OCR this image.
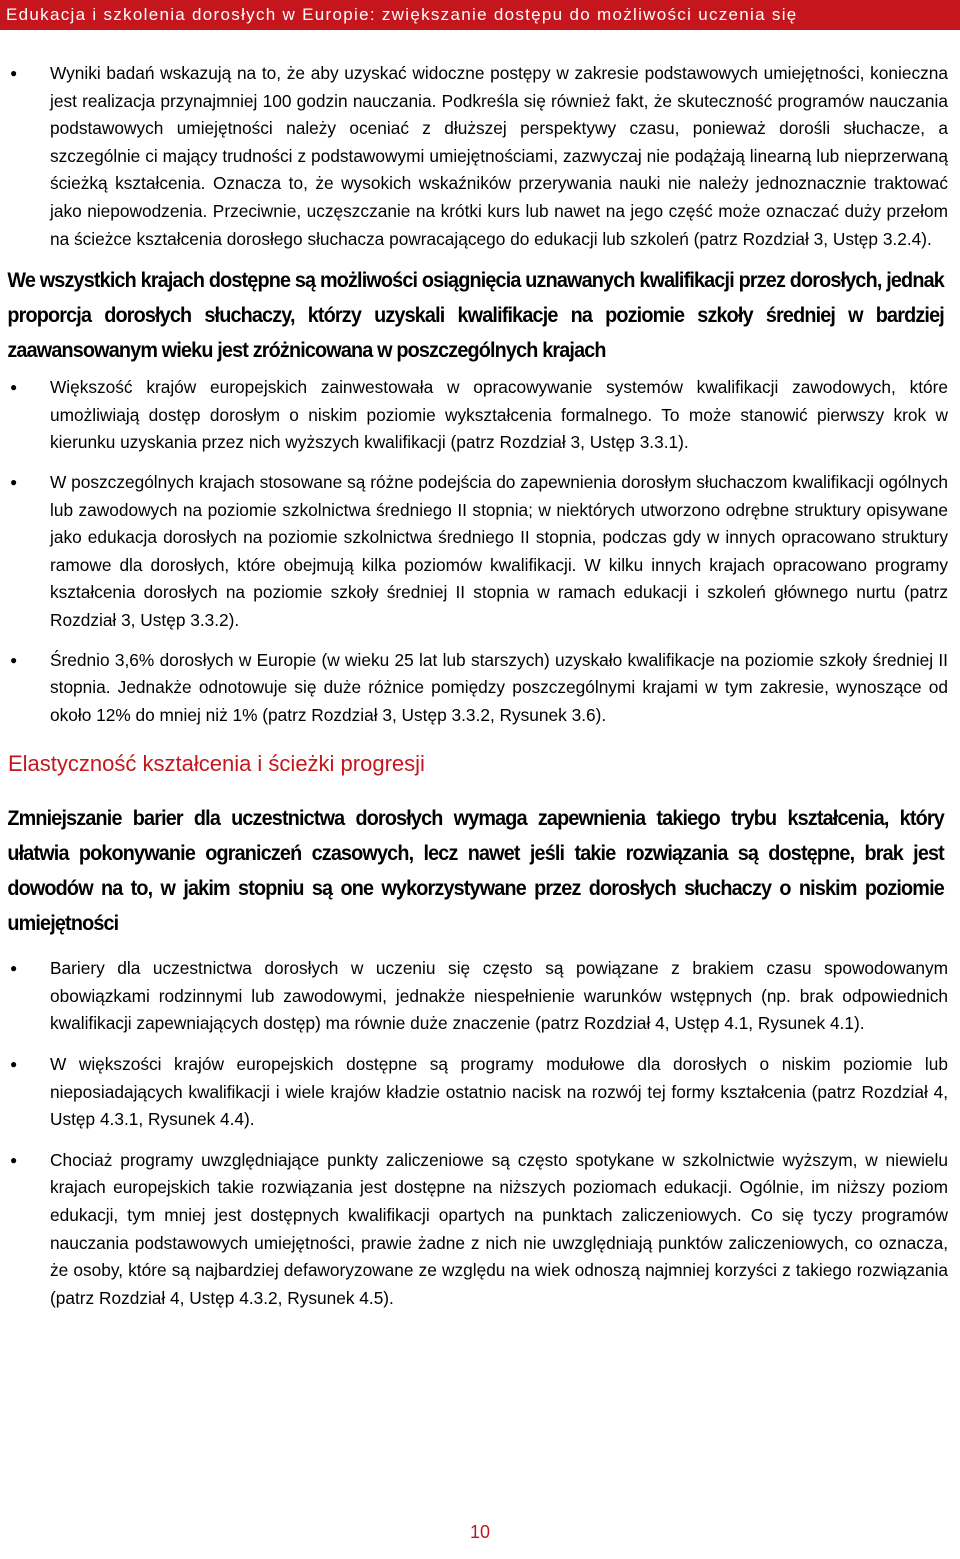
Edukacja i szkolenia dorosłych w Europie: zwiększanie dostępu do możliwości uczenia się
● Wyniki badań wskazują na to, że aby uzyskać widoczne postępy w zakresie podstawowych umiejętności, konieczna jest realizacja przynajmniej 100 godzin nauczania. Podkreśla się również fakt, że skuteczność programów nauczania podstawowych umiejętności należy oceniać z dłuższej perspektywy czasu, ponieważ dorośli słuchacze, a szczególnie ci mający trudności z podstawowymi umiejętnościami, zazwyczaj nie podążają linearną lub nieprzerwaną ścieżką kształcenia. Oznacza to, że wysokich wskaźników przerywania nauki nie należy jednoznacznie traktować jako niepowodzenia. Przeciwnie, uczęszczanie na krótki kurs lub nawet na jego część może oznaczać duży przełom na ścieżce kształcenia dorosłego słuchacza powracającego do edukacji lub szkoleń (patrz Rozdział 3, Ustęp 3.2.4).
We wszystkich krajach dostępne są możliwości osiągnięcia uznawanych kwalifikacji przez dorosłych, jednak proporcja dorosłych słuchaczy, którzy uzyskali kwalifikacje na poziomie szkoły średniej w bardziej zaawansowanym wieku jest zróżnicowana w poszczególnych krajach
● Większość krajów europejskich zainwestowała w opracowywanie systemów kwalifikacji zawodowych, które umożliwiają dostęp dorosłym o niskim poziomie wykształcenia formalnego. To może stanowić pierwszy krok w kierunku uzyskania przez nich wyższych kwalifikacji (patrz Rozdział 3, Ustęp 3.3.1).
● W poszczególnych krajach stosowane są różne podejścia do zapewnienia dorosłym słuchaczom kwalifikacji ogólnych lub zawodowych na poziomie szkolnictwa średniego II stopnia; w niektórych utworzono odrębne struktury opisywane jako edukacja dorosłych na poziomie szkolnictwa średniego II stopnia, podczas gdy w innych opracowano struktury ramowe dla dorosłych, które obejmują kilka poziomów kwalifikacji. W kilku innych krajach opracowano programy kształcenia dorosłych na poziomie szkoły średniej II stopnia w ramach edukacji i szkoleń głównego nurtu (patrz Rozdział 3, Ustęp 3.3.2).
● Średnio 3,6% dorosłych w Europie (w wieku 25 lat lub starszych) uzyskało kwalifikacje na poziomie szkoły średniej II stopnia. Jednakże odnotowuje się duże różnice pomiędzy poszczególnymi krajami w tym zakresie, wynoszące od około 12% do mniej niż 1% (patrz Rozdział 3, Ustęp 3.3.2, Rysunek 3.6).
Elastyczność kształcenia i ścieżki progresji
Zmniejszanie barier dla uczestnictwa dorosłych wymaga zapewnienia takiego trybu kształcenia, który ułatwia pokonywanie ograniczeń czasowych, lecz nawet jeśli takie rozwiązania są dostępne, brak jest dowodów na to, w jakim stopniu są one wykorzystywane przez dorosłych słuchaczy o niskim poziomie umiejętności
● Bariery dla uczestnictwa dorosłych w uczeniu się często są powiązane z brakiem czasu spowodowanym obowiązkami rodzinnymi lub zawodowymi, jednakże niespełnienie warunków wstępnych (np. brak odpowiednich kwalifikacji zapewniających dostęp) ma równie duże znaczenie (patrz Rozdział 4, Ustęp 4.1, Rysunek 4.1).
● W większości krajów europejskich dostępne są programy modułowe dla dorosłych o niskim poziomie lub nieposiadających kwalifikacji i wiele krajów kładzie ostatnio nacisk na rozwój tej formy kształcenia (patrz Rozdział 4, Ustęp 4.3.1, Rysunek 4.4).
● Chociaż programy uwzględniające punkty zaliczeniowe są często spotykane w szkolnictwie wyższym, w niewielu krajach europejskich takie rozwiązania jest dostępne na niższych poziomach edukacji. Ogólnie, im niższy poziom edukacji, tym mniej jest dostępnych kwalifikacji opartych na punktach zaliczeniowych. Co się tyczy programów nauczania podstawowych umiejętności, prawie żadne z nich nie uwzględniają punktów zaliczeniowych, co oznacza, że osoby, które są najbardziej defaworyzowane ze względu na wiek odnoszą najmniej korzyści z takiego rozwiązania (patrz Rozdział 4, Ustęp 4.3.2, Rysunek 4.5).
10
